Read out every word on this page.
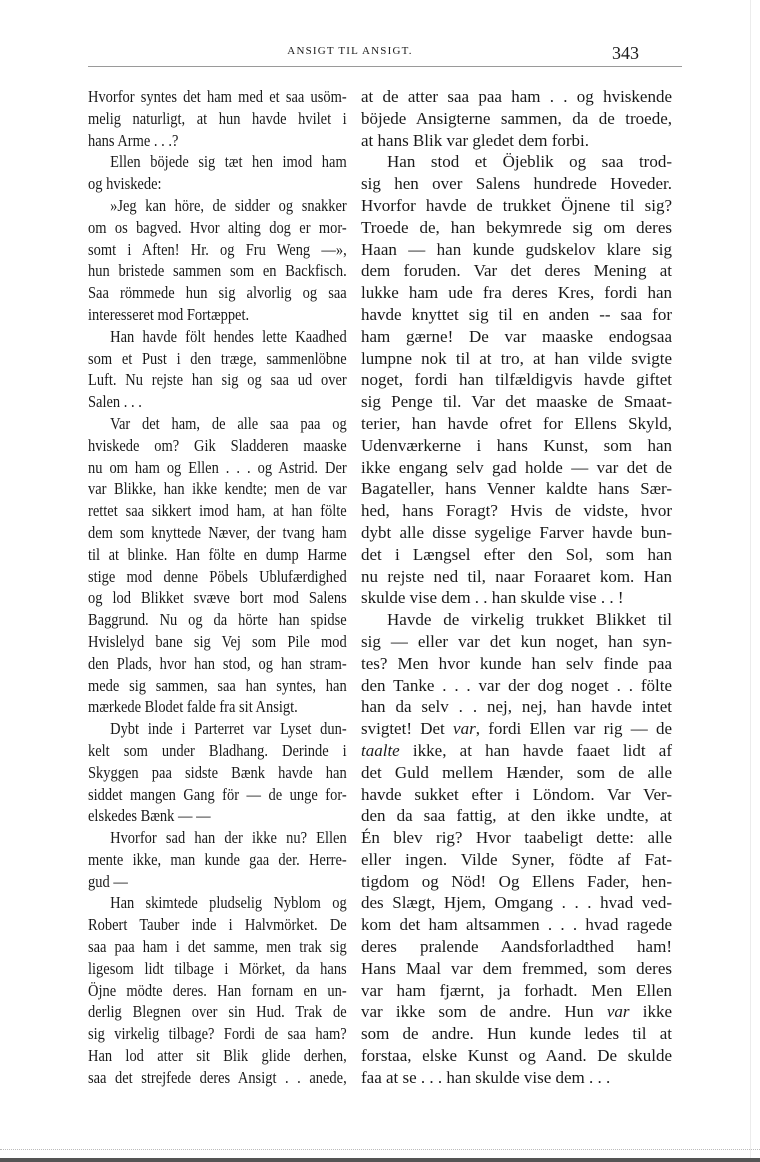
ANSIGT TIL ANSIGT.	343
Hvorfor syntes det ham med et saa usöm-
melig naturligt, at hun havde hvilet i
hans Arme . . .?
Ellen böjede sig tæt hen imod ham
og hviskede:
»Jeg kan höre, de sidder og snakker
om os bagved. Hvor alting dog er mor-
somt i Aften! Hr. og Fru Weng —»,
hun bristede sammen som en Backfisch.
Saa römmede hun sig alvorlig og saa
interesseret mod Fortæppet.
Han havde fölt hendes lette Kaadhed
som et Pust i den træge, sammenlöbne
Luft. Nu rejste han sig og saa ud over
Salen . . .
Var det ham, de alle saa paa og
hviskede om? Gik Sladderen maaske
nu om ham og Ellen . . . og Astrid. Der
var Blikke, han ikke kendte; men de var
rettet saa sikkert imod ham, at han fölte
dem som knyttede Næver, der tvang ham
til at blinke. Han fölte en dump Harme
stige mod denne Pöbels Ublufærdighed
og lod Blikket svæve bort mod Salens
Baggrund. Nu og da hörte han spidse
Hvislelyd bane sig Vej som Pile mod
den Plads, hvor han stod, og han stram-
mede sig sammen, saa han syntes, han
mærkede Blodet falde fra sit Ansigt.
Dybt inde i Parterret var Lyset dun-
kelt som under Bladhang. Derinde i
Skyggen paa sidste Bænk havde han
siddet mangen Gang för — de unge for-
elskedes Bænk — —
Hvorfor sad han der ikke nu? Ellen
mente ikke, man kunde gaa der. Herre-
gud —
Han skimtede pludselig Nyblom og
Robert Tauber inde i Halvmörket. De
saa paa ham i det samme, men trak sig
ligesom lidt tilbage i Mörket, da hans
Öjne mödte deres. Han fornam en un-
derlig Blegnen over sin Hud. Trak de
sig virkelig tilbage? Fordi de saa ham?
Han lod atter sit Blik glide derhen,
saa det strejfede deres Ansigt . . anede,
at de atter saa paa ham . . og hviskende
böjede Ansigterne sammen, da de troede,
at hans Blik var gledet dem forbi.
Han stod et Öjeblik og saa trod-
sig hen over Salens hundrede Hoveder.
Hvorfor havde de trukket Öjnene til sig?
Troede de, han bekymrede sig om deres
Haan — han kunde gudskelov klare sig
dem foruden. Var det deres Mening at
lukke ham ude fra deres Kres, fordi han
havde knyttet sig til en anden -- saa for
ham gærne! De var maaske endogsaa
lumpne nok til at tro, at han vilde svigte
noget, fordi han tilfældigvis havde giftet
sig Penge til. Var det maaske de Smaat-
terier, han havde ofret for Ellens Skyld,
Udenværkerne i hans Kunst, som han
ikke engang selv gad holde — var det de
Bagateller, hans Venner kaldte hans Sær-
hed, hans Foragt? Hvis de vidste, hvor
dybt alle disse sygelige Farver havde bun-
det i Længsel efter den Sol, som han
nu rejste ned til, naar Foraaret kom. Han
skulde vise dem . . han skulde vise . . !
Havde de virkelig trukket Blikket til
sig — eller var det kun noget, han syn-
tes? Men hvor kunde han selv finde paa
den Tanke . . . var der dog noget . . fölte
han da selv . . nej, nej, han havde intet
svigtet! Det var, fordi Ellen var rig — de
taalte ikke, at han havde faaet lidt af
det Guld mellem Hænder, som de alle
havde sukket efter i Löndom. Var Ver-
den da saa fattig, at den ikke undte, at
Én blev rig? Hvor taabeligt dette: alle
eller ingen. Vilde Syner, födte af Fat-
tigdom og Nöd! Og Ellens Fader, hen-
des Slægt, Hjem, Omgang . . . hvad ved-
kom det ham altsammen . . . hvad ragede
deres pralende Aandsforladthed ham!
Hans Maal var dem fremmed, som deres
var ham fjærnt, ja forhadt. Men Ellen
var ikke som de andre. Hun var ikke
som de andre. Hun kunde ledes til at
forstaa, elske Kunst og Aand. De skulde
faa at se . . . han skulde vise dem . . .
